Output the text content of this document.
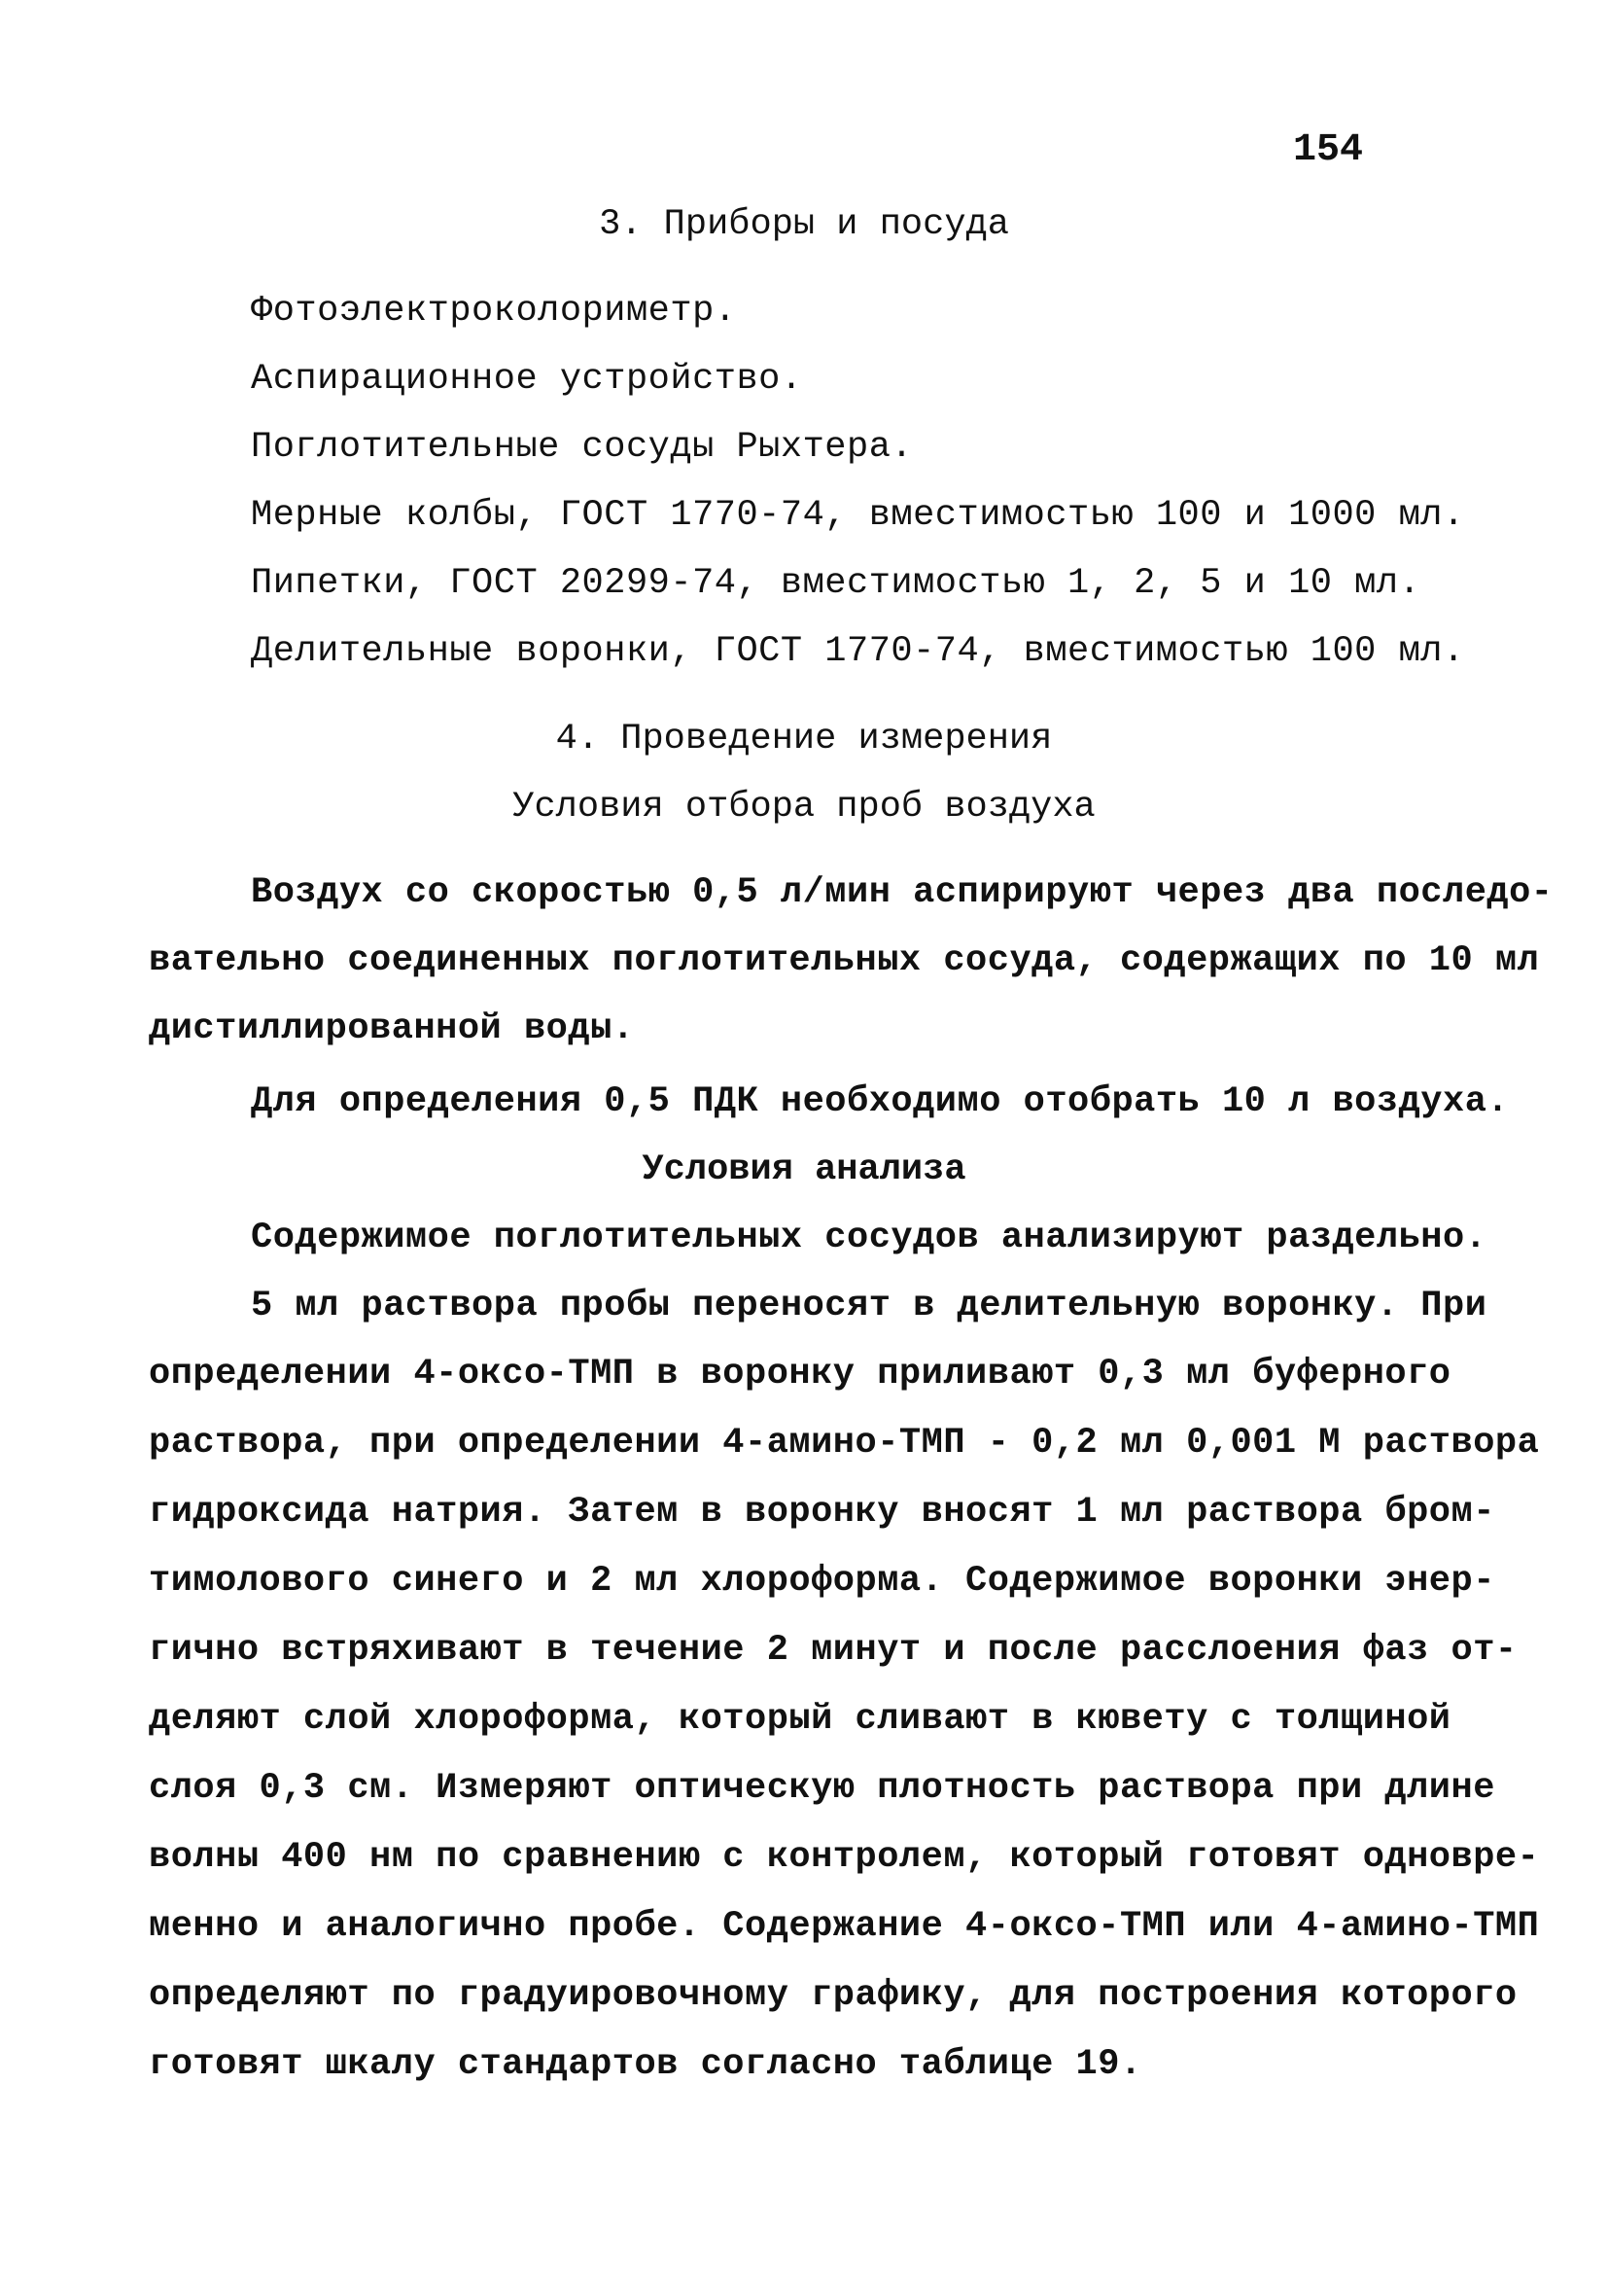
154
3. Приборы и посуда
Фотоэлектроколориметр.
Аспирационное устройство.
Поглотительные сосуды Рыхтера.
Мерные колбы, ГОСТ 1770-74, вместимостью 100 и 1000 мл.
Пипетки, ГОСТ 20299-74, вместимостью 1, 2, 5 и 10 мл.
Делительные воронки, ГОСТ 1770-74, вместимостью 100 мл.
4. Проведение измерения
Условия отбора проб воздуха
Воздух со скоростью 0,5 л/мин аспирируют через два последо-
вательно соединенных поглотительных сосуда, содержащих по 10 мл
дистиллированной воды.
Для определения 0,5 ПДК необходимо отобрать 10 л воздуха.
Условия анализа
Содержимое поглотительных сосудов анализируют раздельно.
5 мл раствора пробы переносят в делительную воронку. При
определении 4-оксо-ТМП в воронку приливают 0,3 мл буферного
раствора, при определении 4-амино-ТМП - 0,2 мл 0,001 М раствора
гидроксида натрия. Затем в воронку вносят 1 мл раствора бром-
тимолового синего и 2 мл хлороформа. Содержимое воронки энер-
гично встряхивают в течение 2 минут и после расслоения фаз от-
деляют слой хлороформа, который сливают в кювету с толщиной
слоя 0,3 см. Измеряют оптическую плотность раствора при длине
волны 400 нм по сравнению с контролем, который готовят одновре-
менно и аналогично пробе. Содержание 4-оксо-ТМП или 4-амино-ТМП
определяют по градуировочному графику, для построения которого
готовят шкалу стандартов согласно таблице 19.
